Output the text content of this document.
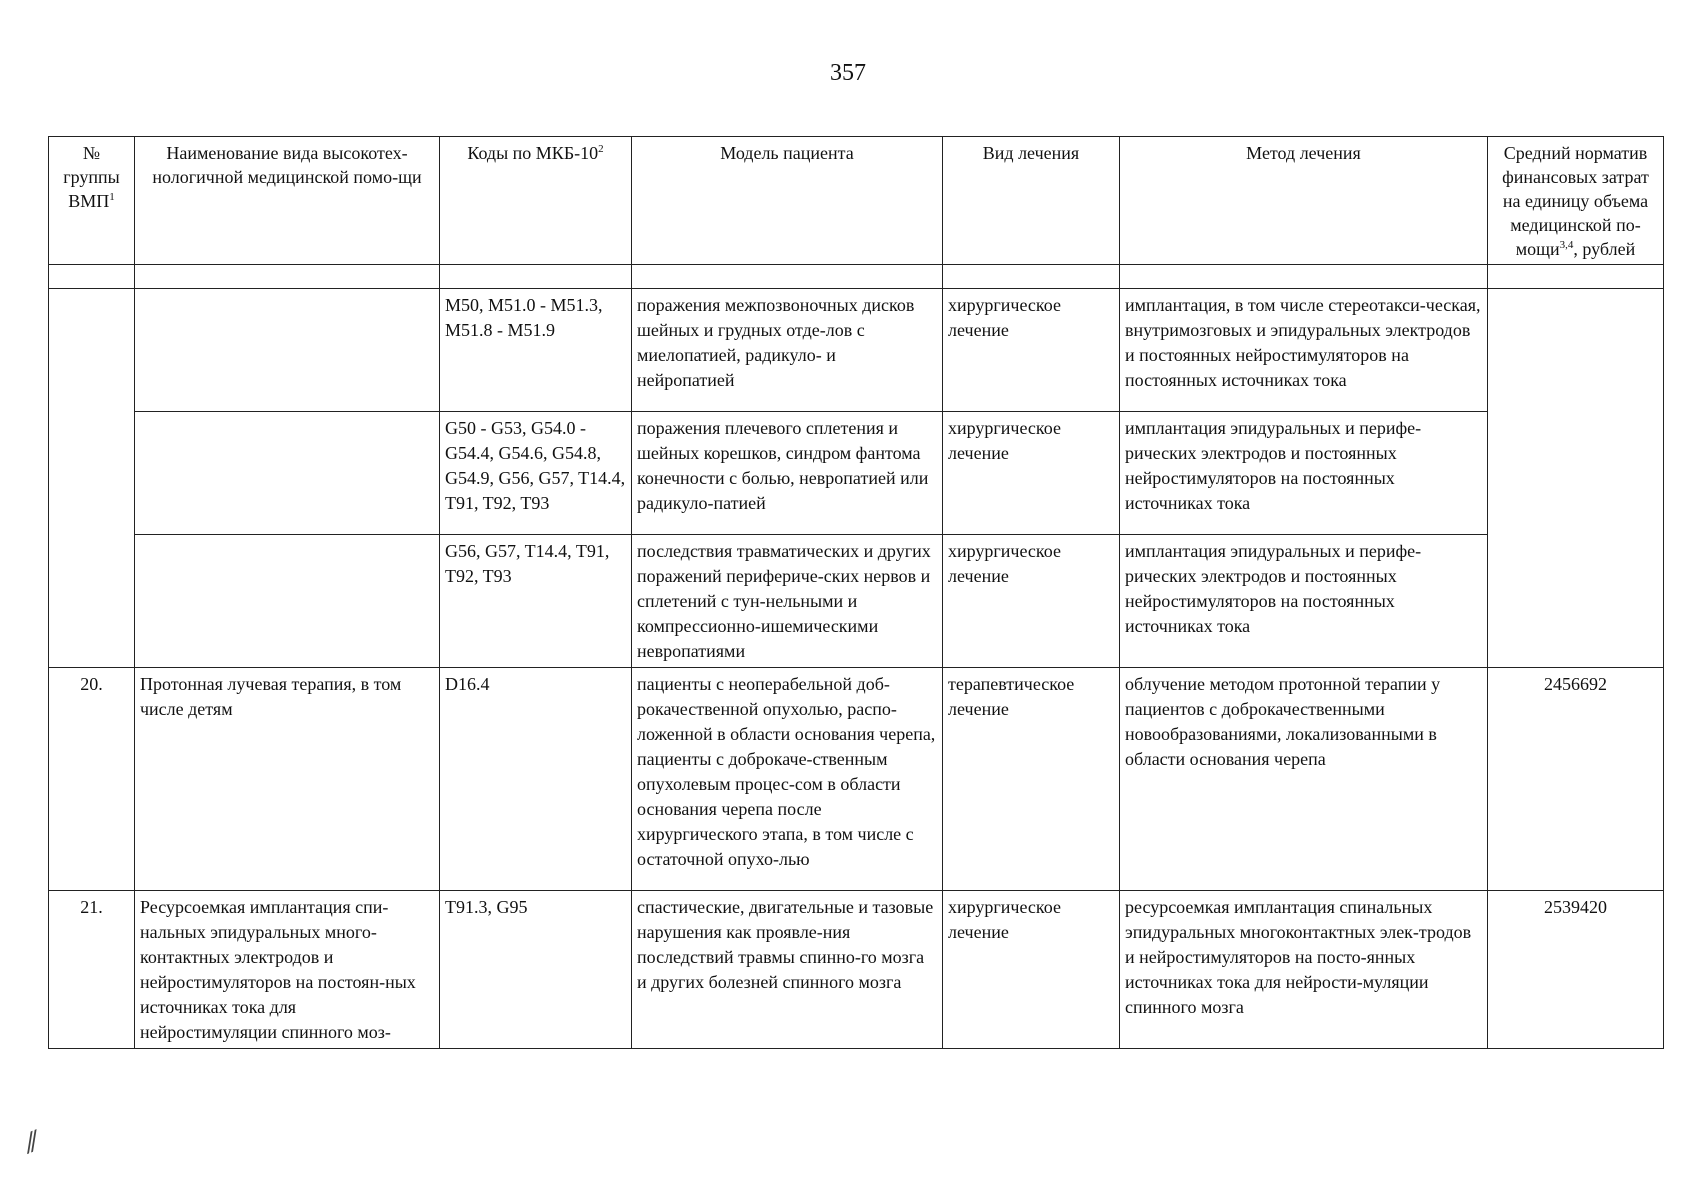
357
№ группы ВМП$^1$	Наименование вида высокотех-нологичной медицинской помо-щи	Коды по МКБ-$10^2$	Модель пациента	Вид лечения	Метод лечения	Средний норматив финансовых затрат на единицу объема медицинской по-мощи$^{3,4}$, рублей

		M50, M51.0 - M51.3, M51.8 - M51.9	поражения межпозвоночных дисков шейных и грудных отде-лов с миелопатией, радикуло- и нейропатией	хирургическое лечение	имплантация, в том числе стереотакси-ческая, внутримозговых и эпидуральных электродов и постоянных нейростимуляторов на постоянных источниках тока	
		G50 - G53, G54.0 - G54.4, G54.6, G54.8, G54.9, G56, G57, T14.4, T91, T92, T93	поражения плечевого сплетения и шейных корешков, синдром фантома конечности с болью, невропатией или радикуло-патией	хирургическое лечение	имплантация эпидуральных и перифе-рических электродов и постоянных нейростимуляторов на постоянных источниках тока	
		G56, G57, T14.4, T91, T92, T93	последствия травматических и других поражений перифериче-ских нервов и сплетений с тун-нельными и компрессионно-ишемическими невропатиями	хирургическое лечение	имплантация эпидуральных и перифе-рических электродов и постоянных нейростимуляторов на постоянных источниках тока	
20.	Протонная лучевая терапия, в том числе детям	D16.4	пациенты с неоперабельной доб-рокачественной опухолью, распо-ложенной в области основания черепа, пациенты с доброкаче-ственным опухолевым процес-сом в области основания черепа после хирургического этапа, в том числе с остаточной опухо-лью	терапевтическое лечение	облучение методом протонной терапии у пациентов с доброкачественными новообразованиями, локализованными в области основания черепа	2456692
21.	Ресурсоемкая имплантация спи-нальных эпидуральных много-контактных электродов и нейростимуляторов на постоян-ных источниках тока для нейростимуляции спинного моз-	T91.3, G95	спастические, двигательные и тазовые нарушения как проявле-ния последствий травмы спинно-го мозга и других болезней спинного мозга	хирургическое лечение	ресурсоемкая имплантация спинальных эпидуральных многоконтактных элек-тродов и нейростимуляторов на посто-янных источниках тока для нейрости-муляции спинного мозга	2539420
⁄⁄
